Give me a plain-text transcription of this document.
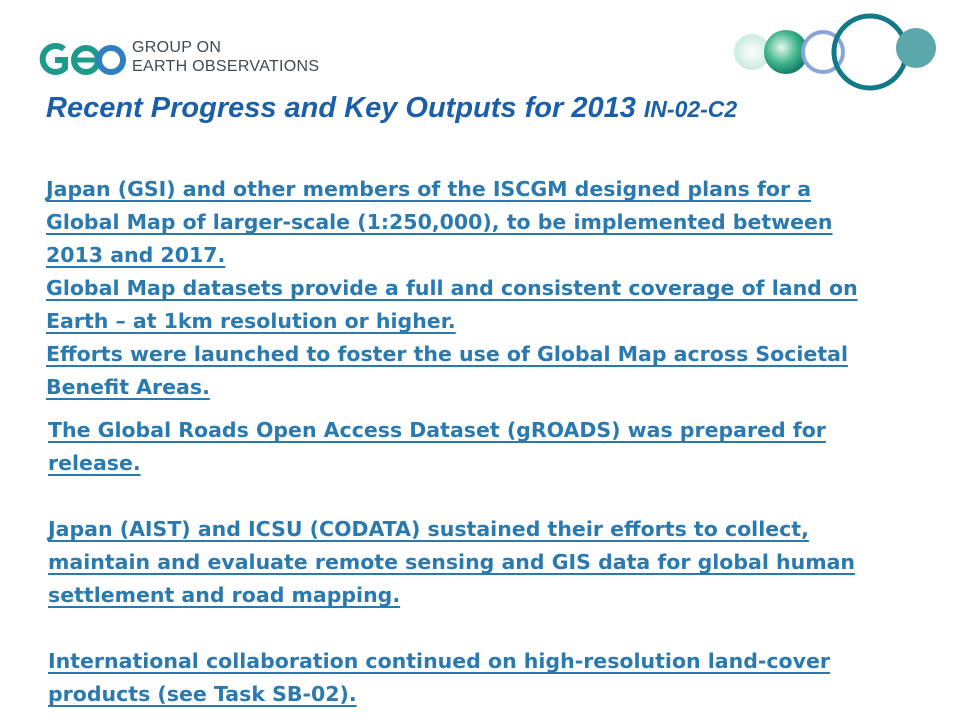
GROUP ON
EARTH OBSERVATIONS
Recent Progress and Key Outputs for 2013 IN-02-C2
Japan (GSI) and other members of the ISCGM designed plans for a Global Map of larger-scale (1:250,000), to be implemented between 2013 and 2017.
Global Map datasets provide a full and consistent coverage of land on Earth – at 1km resolution or higher.
Efforts were launched to foster the use of Global Map across Societal Benefit Areas.
The Global Roads Open Access Dataset (gROADS) was prepared for release.
Japan (AIST) and ICSU (CODATA) sustained their efforts to collect, maintain and evaluate remote sensing and GIS data for global human settlement and road mapping.
International collaboration continued on high-resolution land-cover products (see Task SB-02).
